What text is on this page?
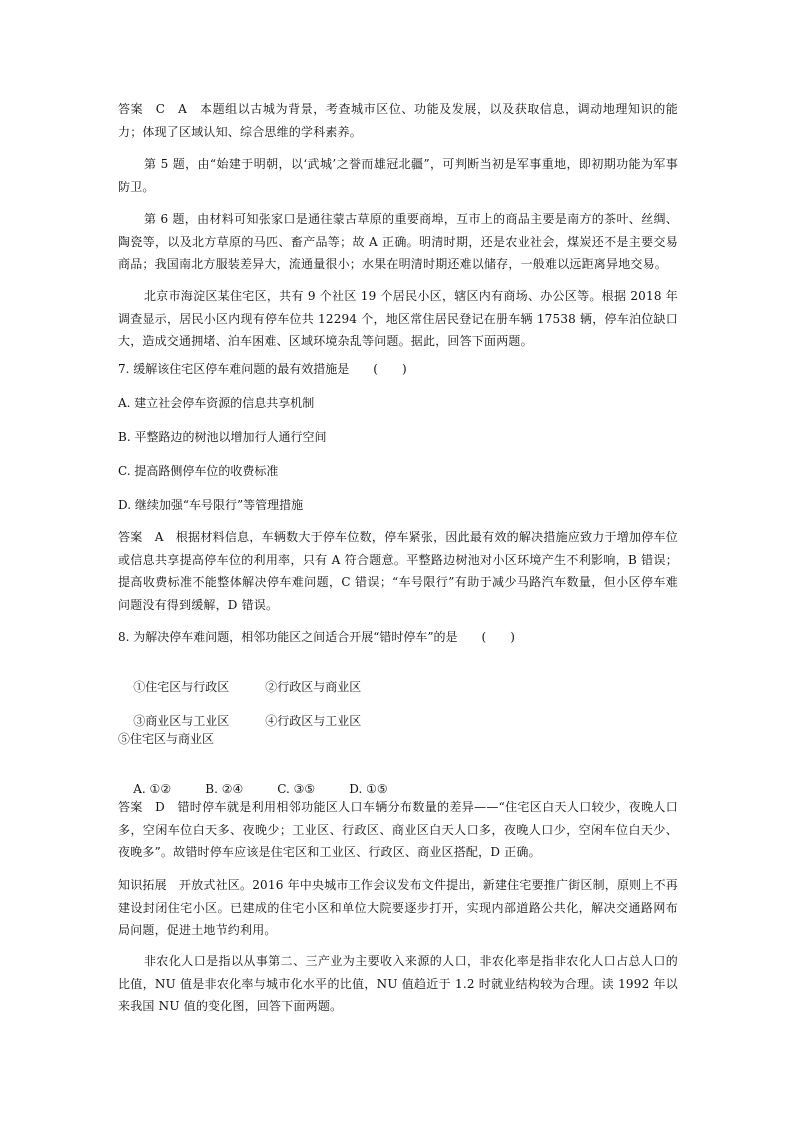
答案　C　A　本题组以古城为背景，考查城市区位、功能及发展，以及获取信息，调动地理知识的能力；体现了区域认知、综合思维的学科素养。
第 5 题，由“始建于明朝，以‘武城’之誉而雄冠北疆”，可判断当初是军事重地，即初期功能为军事防卫。
第 6 题，由材料可知张家口是通往蒙古草原的重要商埠，互市上的商品主要是南方的茶叶、丝绸、陶瓷等，以及北方草原的马匹、畜产品等；故 A 正确。明清时期，还是农业社会，煤炭还不是主要交易商品；我国南北方服装差异大，流通量很小；水果在明清时期还难以储存，一般难以远距离异地交易。
北京市海淀区某住宅区，共有 9 个社区 19 个居民小区，辖区内有商场、办公区等。根据 2018 年调查显示，居民小区内现有停车位共 12294 个，地区常住居民登记在册车辆 17538 辆，停车泊位缺口大，造成交通拥堵、泊车困难、区域环境杂乱等问题。据此，回答下面两题。
7. 缓解该住宅区停车难问题的最有效措施是　　(　　)
A. 建立社会停车资源的信息共享机制
B. 平整路边的树池以增加行人通行空间
C. 提高路侧停车位的收费标准
D. 继续加强“车号限行”等管理措施
答案　A　根据材料信息，车辆数大于停车位数，停车紧张，因此最有效的解决措施应致力于增加停车位或信息共享提高停车位的利用率，只有 A 符合题意。平整路边树池对小区环境产生不利影响，B 错误；提高收费标准不能整体解决停车难问题，C 错误；“车号限行”有助于减少马路汽车数量，但小区停车难问题没有得到缓解，D 错误。
8. 为解决停车难问题，相邻功能区之间适合开展“错时停车”的是　　(　　)

①住宅区与行政区	②行政区与商业区

③商业区与工业区	④行政区与工业区

⑤住宅区与商业区

A. ①②	B. ②④	C. ③⑤	D. ①⑤

答案　D　错时停车就是利用相邻功能区人口车辆分布数量的差异——“住宅区白天人口较少，夜晚人口多，空闲车位白天多、夜晚少；工业区、行政区、商业区白天人口多，夜晚人口少，空闲车位白天少、夜晚多”。故错时停车应该是住宅区和工业区、行政区、商业区搭配，D 正确。
知识拓展　开放式社区。2016 年中央城市工作会议发布文件提出，新建住宅要推广街区制，原则上不再建设封闭住宅小区。已建成的住宅小区和单位大院要逐步打开，实现内部道路公共化，解决交通路网布局问题，促进土地节约利用。
非农化人口是指以从事第二、三产业为主要收入来源的人口，非农化率是指非农化人口占总人口的比值，NU 值是非农化率与城市化水平的比值，NU 值趋近于 1.2 时就业结构较为合理。读 1992 年以来我国 NU 值的变化图，回答下面两题。
